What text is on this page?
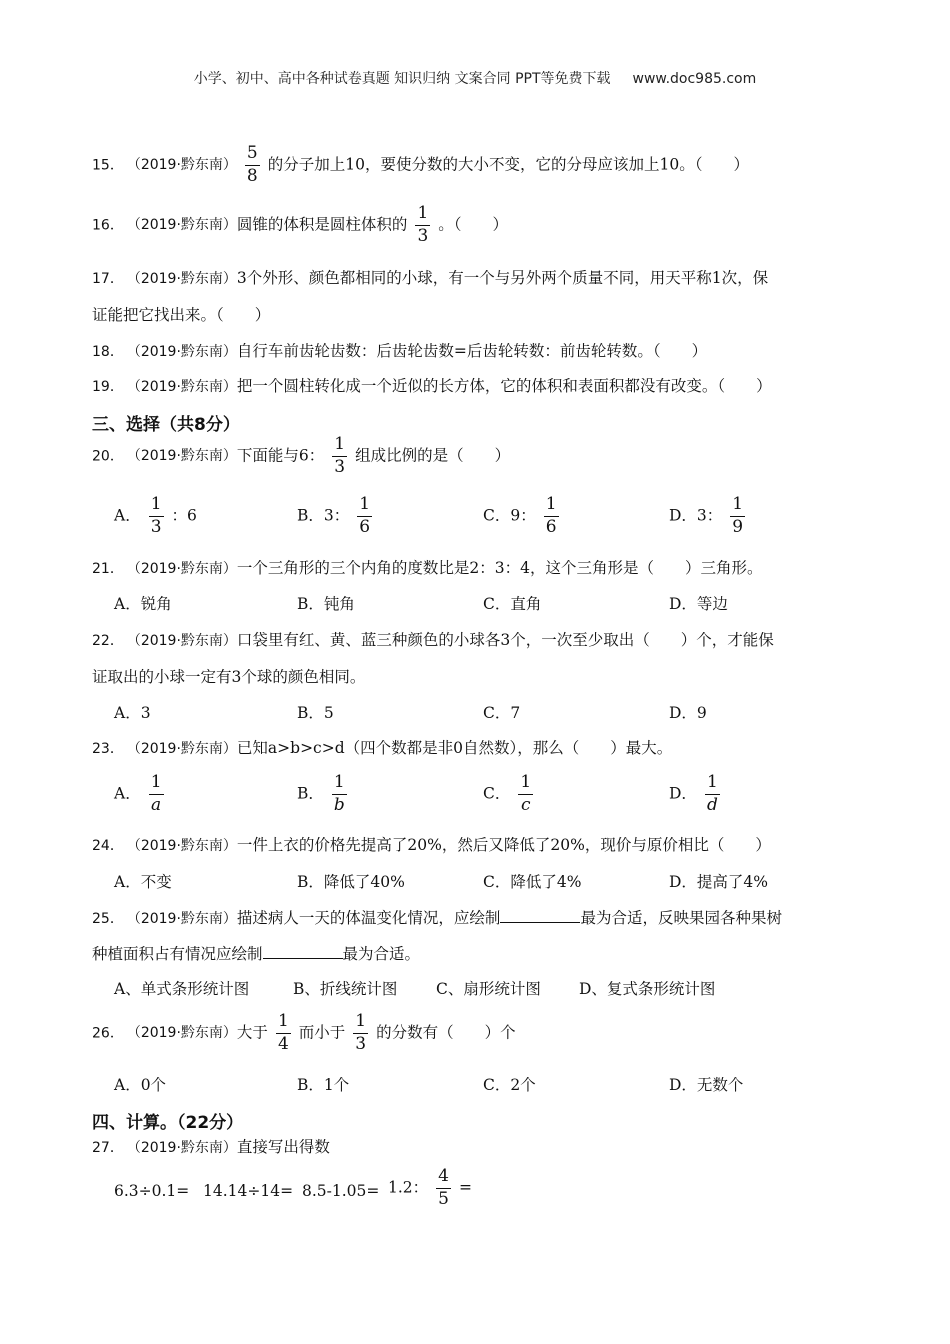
小学、初中、高中各种试卷真题 知识归纳 文案合同 PPT等免费下载 www.doc985.com
15． （2019·黔东南） $\frac{5}{8}$ 的分子加上10，要使分数的大小不变，它的分母应该加上10。（　　）
16． （2019·黔东南）圆锥的体积是圆柱体积的 $\frac{1}{3}$ 。（　　）
17． （2019·黔东南）3个外形、颜色都相同的小球，有一个与另外两个质量不同，用天平称1次，保
证能把它找出来。（　　）
18． （2019·黔东南）自行车前齿轮齿数：后齿轮齿数=后齿轮转数：前齿轮转数。（　　）
19． （2019·黔东南）把一个圆柱转化成一个近似的长方体，它的体积和表面积都没有改变。（　　）
三、选择（共8分）
20． （2019·黔东南）下面能与6： $\frac{1}{3}$ 组成比例的是（　　）
A． $\frac{1}{3}$ ：6	B．3： $\frac{1}{6}$	C．9： $\frac{1}{6}$	D．3： $\frac{1}{9}$
21． （2019·黔东南）一个三角形的三个内角的度数比是2：3：4，这个三角形是（　　）三角形。
A．锐角	B．钝角	C．直角	D．等边
22． （2019·黔东南）口袋里有红、黄、蓝三种颜色的小球各3个，一次至少取出（　　）个，才能保
证取出的小球一定有3个球的颜色相同。
A．3	B．5	C．7	D．9
23． （2019·黔东南）已知a>b>c>d（四个数都是非0自然数），那么（　　）最大。
A． $\frac{1}{a}$	B． $\frac{1}{b}$	C． $\frac{1}{c}$	D． $\frac{1}{d}$
24． （2019·黔东南）一件上衣的价格先提高了20%，然后又降低了20%，现价与原价相比（　　）
A．不变	B．降低了40%	C．降低了4%	D．提高了4%
25． （2019·黔东南）描述病人一天的体温变化情况，应绘制	最为合适，反映果园各种果树
种植面积占有情况应绘制	最为合适。
A、单式条形统计图	B、折线统计图 C、扇形统计图 D、复式条形统计图
26． （2019·黔东南）大于 $\frac{1}{4}$ 而小于 $\frac{1}{3}$ 的分数有（　　）个
A．0个	B．1个	C．2个	D．无数个
四、计算。（22分）
27． （2019·黔东南）直接写出得数
6.3÷0.1= 14.14÷14= 8.5-1.05= 1.2： $\frac{4}{5}$ =
